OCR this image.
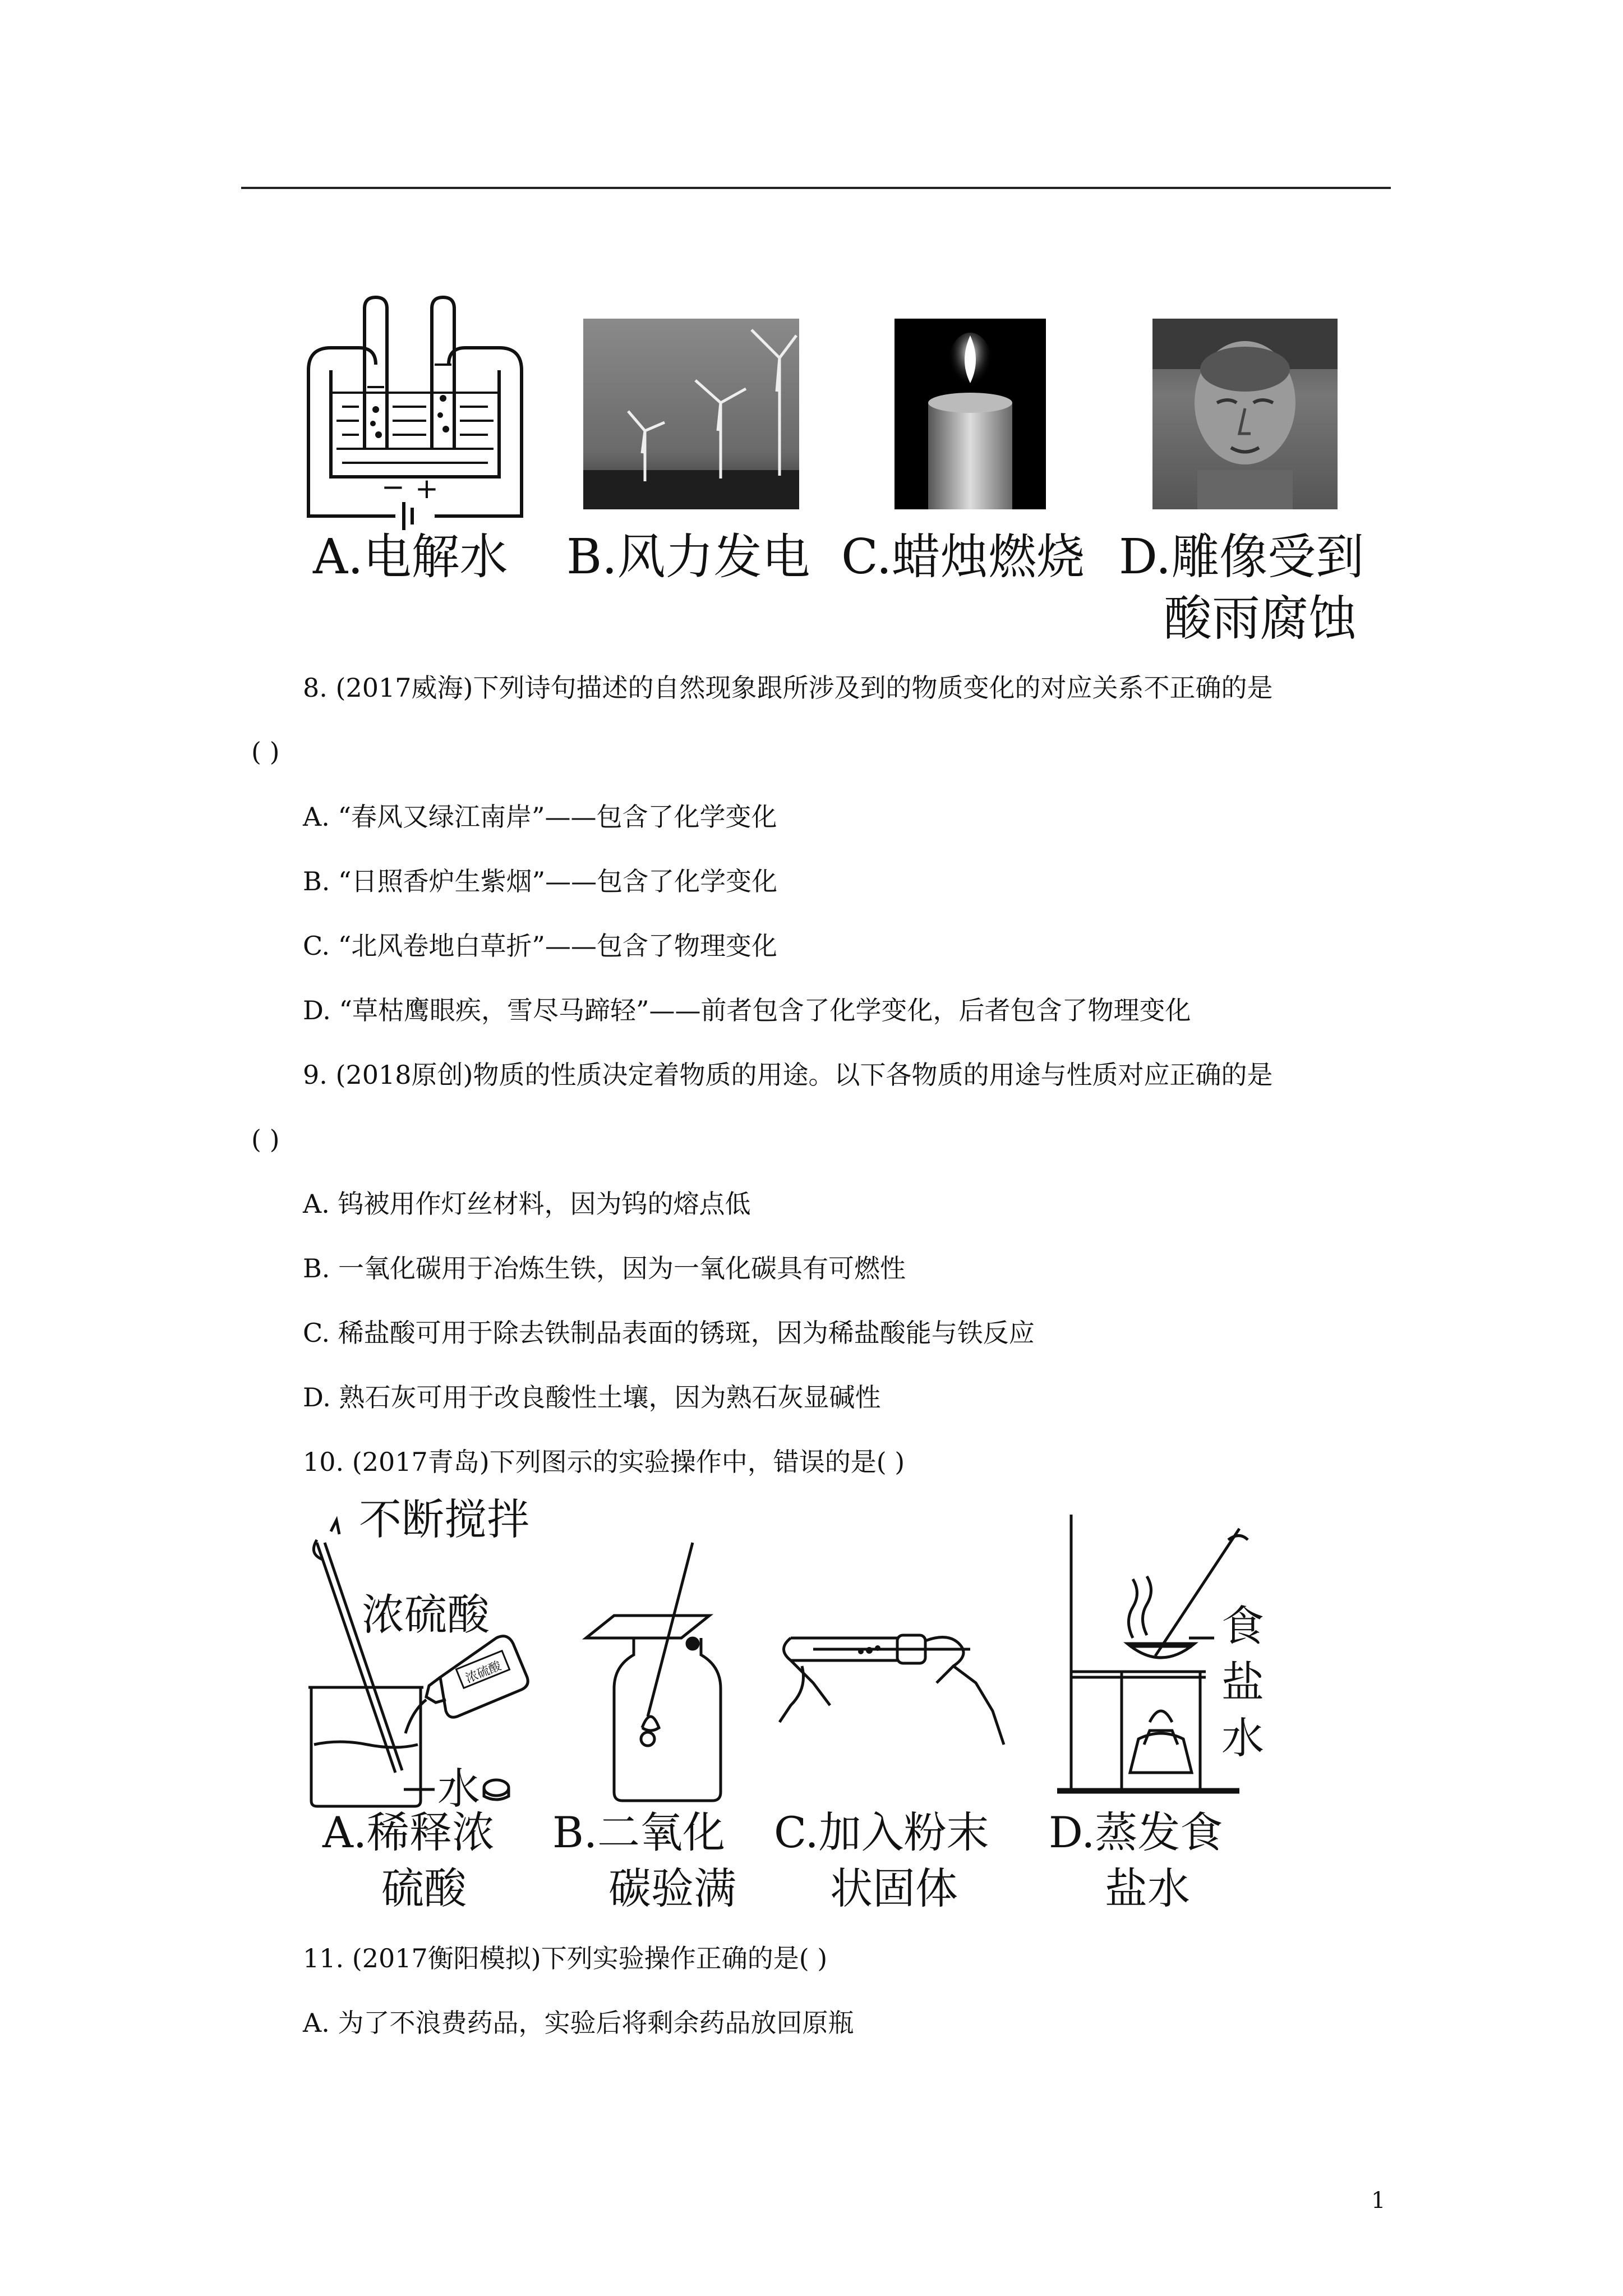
− +
A.电解水 B.风力发电 C.蜡烛燃烧 D.雕像受到
酸雨腐蚀
8. (2017威海)下列诗句描述的自然现象跟所涉及到的物质变化的对应关系不正确的是
( )
A. “春风又绿江南岸”——包含了化学变化
B. “日照香炉生紫烟”——包含了化学变化
C. “北风卷地白草折”——包含了物理变化
D. “草枯鹰眼疾，雪尽马蹄轻”——前者包含了化学变化，后者包含了物理变化
9. (2018原创)物质的性质决定着物质的用途。以下各物质的用途与性质对应正确的是
( )
A. 钨被用作灯丝材料，因为钨的熔点低
B. 一氧化碳用于冶炼生铁，因为一氧化碳具有可燃性
C. 稀盐酸可用于除去铁制品表面的锈斑，因为稀盐酸能与铁反应
D. 熟石灰可用于改良酸性土壤，因为熟石灰显碱性
10. (2017青岛)下列图示的实验操作中，错误的是( )
浓硫酸
不断搅拌
浓硫酸
水
食
盐
水
A.稀释浓
硫酸
B.二氧化
碳验满
C.加入粉末
状固体
D.蒸发食
盐水
11. (2017衡阳模拟)下列实验操作正确的是( )
A. 为了不浪费药品，实验后将剩余药品放回原瓶
1
